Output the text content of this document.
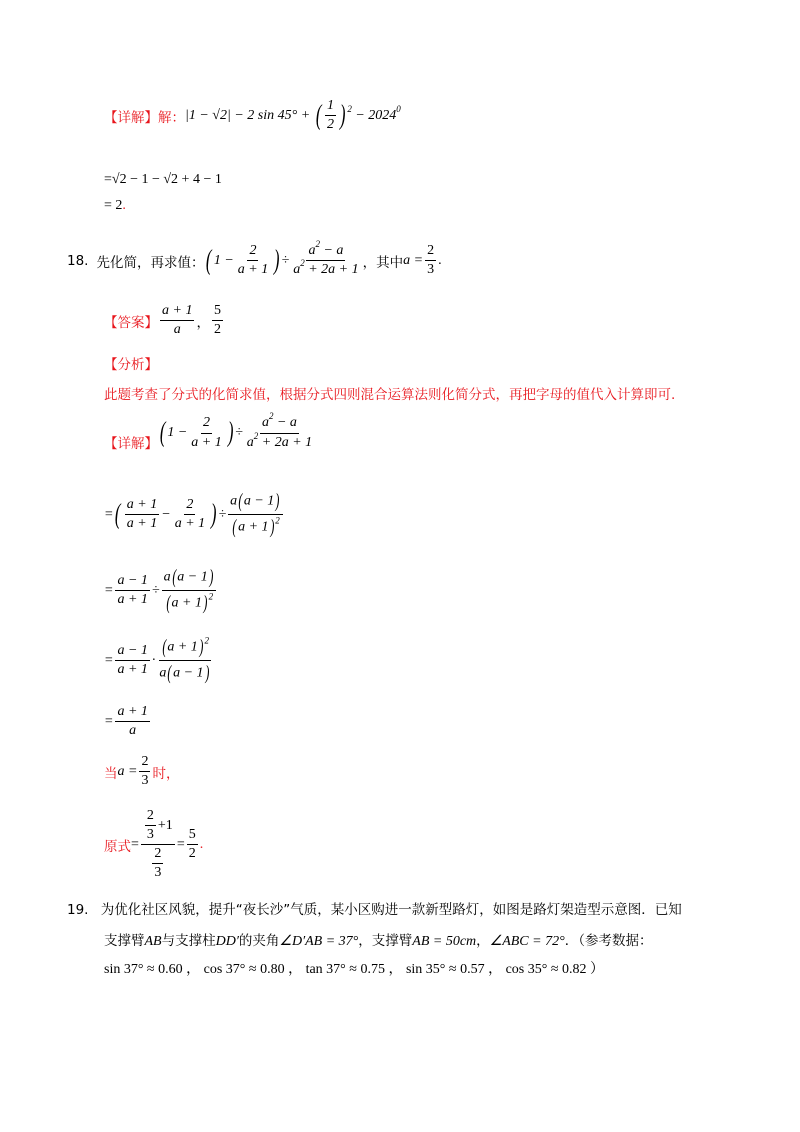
【详解】 解： |1 − √2| − 2 sin 45° + ( $\frac{1}{2}$ ) $^2 - 2024^0$
=√2 − 1 − √2 + 4 − 1
= 2.
18. 先化简，再求值： ( $1 - \frac{2}{a + 1}$ ) ÷ $\frac{a^2 - a}{a^2 + 2a + 1}$ ，其中 $a = \frac{2}{3}$ .
【答案】 $\frac{a + 1}{a}$ ， $\frac{5}{2}$
【分析】
此题考查了分式的化简求值，根据分式四则混合运算法则化简分式，再把字母的值代入计算即可.
【详解】 ( $1 - \frac{2}{a + 1}$ ) ÷ $\frac{a^2 - a}{a^2 + 2a + 1}$
= ( $\frac{a + 1}{a + 1} - \frac{2}{a + 1}$ ) ÷ $\frac{a(a - 1)}{(a + 1)^2}$
= $\frac{a - 1}{a + 1} \div \frac{a(a - 1)}{(a + 1)^2}$
= $\frac{a - 1}{a + 1} \cdot \frac{(a + 1)^2}{a(a - 1)}$
= $\frac{a + 1}{a}$
当 $a = \frac{2}{3}$ 时，
原式 = $\frac{\frac{2}{3} +1}{\frac{2}{3}} = \frac{5}{2}$ .
19. 为优化社区风貌，提升“夜长沙”气质，某小区购进一款新型路灯，如图是路灯架造型示意图．已知
支撑臂AB与支撑柱DD′的夹角∠D′AB = 37°，支撑臂AB = 50cm，∠ABC = 72°．（参考数据：
sin 37° ≈ 0.60 ， cos 37° ≈ 0.80 ， tan 37° ≈ 0.75 ， sin 35° ≈ 0.57 ， cos 35° ≈ 0.82 ）
